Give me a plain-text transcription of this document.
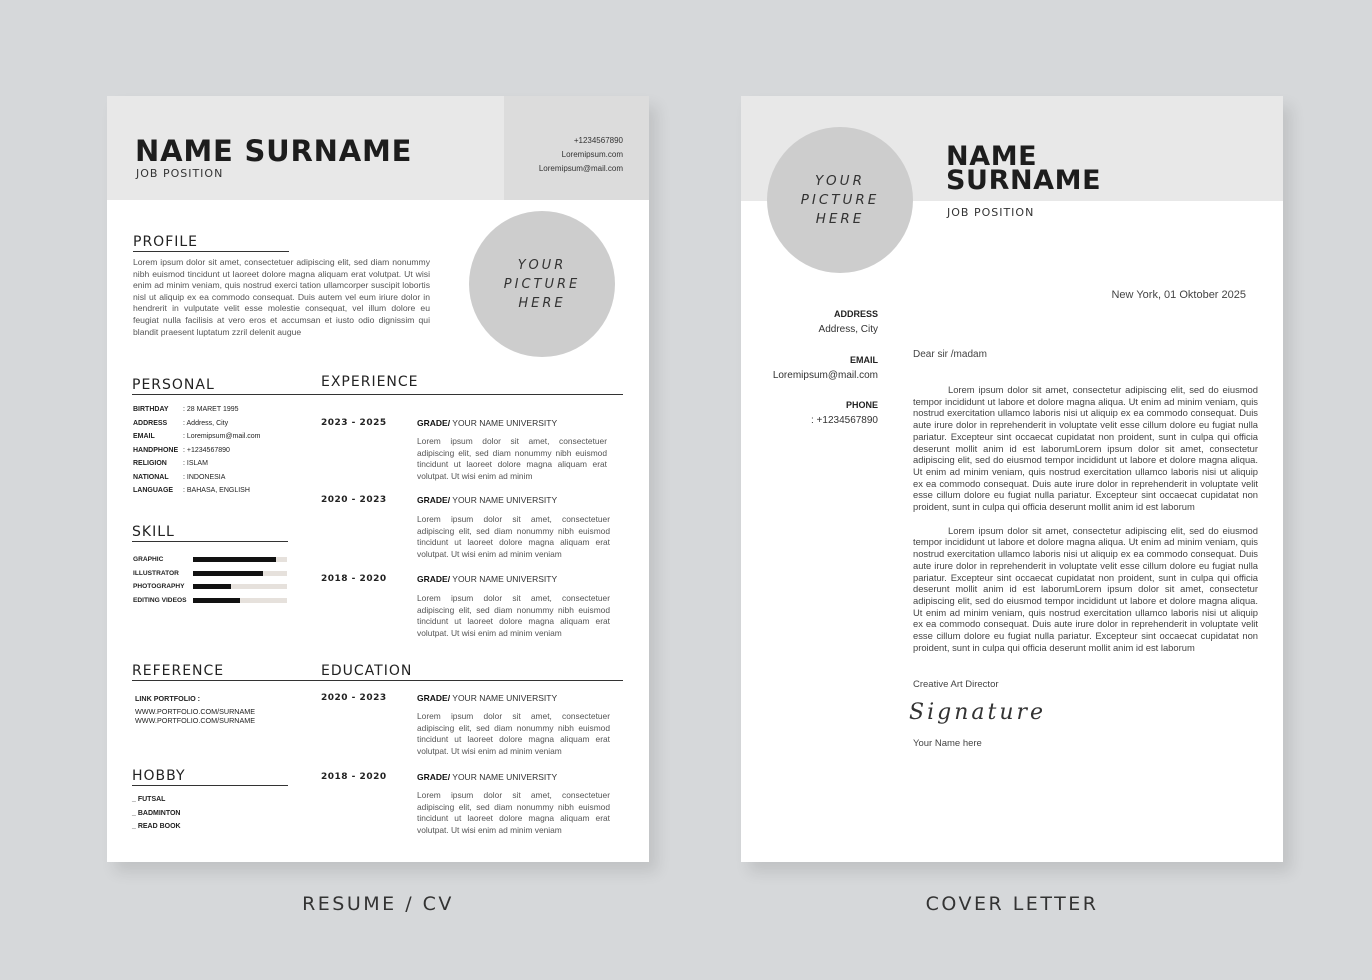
NAME SURNAME
JOB POSITION
+1234567890
Loremipsum.com
Loremipsum@mail.com
YOUR
PICTURE
HERE
PROFILE
Lorem ipsum dolor sit amet, consectetuer adipiscing elit, sed diam nonummy nibh euismod tincidunt ut laoreet dolore magna aliquam erat volutpat. Ut wisi enim ad minim veniam, quis nostrud exerci tation ullamcorper suscipit lobortis nisl ut aliquip ex ea commodo consequat. Duis autem vel eum iriure dolor in hendrerit in vulputate velit esse molestie consequat, vel illum dolore eu feugiat nulla facilisis at vero eros et accumsan et iusto odio dignissim qui blandit praesent luptatum zzril delenit augue
PERSONAL	EXPERIENCE
BIRTHDAY	: 28 MARET 1995
ADDRESS	: Address, City
EMAIL	: Loremipsum@mail.com
HANDPHONE : +1234567890
RELIGION	: ISLAM
NATIONAL	: INDONESIA
LANGUAGE	: BAHASA, ENGLISH
SKILL
GRAPHIC
ILLUSTRATOR
PHOTOGRAPHY
EDITING VIDEOS
2023 - 2025	GRADE/ YOUR NAME UNIVERSITY
Lorem ipsum dolor sit amet, consectetuer adipiscing elit, sed diam nonummy nibh euismod tincidunt ut laoreet dolore magna aliquam erat volutpat. Ut wisi enim ad minim
2020 - 2023	GRADE/ YOUR NAME UNIVERSITY
Lorem ipsum dolor sit amet, consectetuer adipiscing elit, sed diam nonummy nibh euismod tincidunt ut laoreet dolore magna aliquam erat volutpat. Ut wisi enim ad minim veniam
2018 - 2020	GRADE/ YOUR NAME UNIVERSITY
Lorem ipsum dolor sit amet, consectetuer adipiscing elit, sed diam nonummy nibh euismod tincidunt ut laoreet dolore magna aliquam erat volutpat. Ut wisi enim ad minim veniam
REFERENCE	EDUCATION
LINK PORTFOLIO :
WWW.PORTFOLIO.COM/SURNAME
WWW.PORTFOLIO.COM/SURNAME
2020 - 2023	GRADE/ YOUR NAME UNIVERSITY
Lorem ipsum dolor sit amet, consectetuer adipiscing elit, sed diam nonummy nibh euismod tincidunt ut laoreet dolore magna aliquam erat volutpat. Ut wisi enim ad minim veniam
2018 - 2020	GRADE/ YOUR NAME UNIVERSITY
Lorem ipsum dolor sit amet, consectetuer adipiscing elit, sed diam nonummy nibh euismod tincidunt ut laoreet dolore magna aliquam erat volutpat. Ut wisi enim ad minim veniam
HOBBY
_ FUTSAL
_ BADMINTON
_ READ BOOK
YOUR
PICTURE
HERE
NAME
SURNAME
JOB POSITION
New York, 01 Oktober 2025
ADDRESS
Address, City
EMAIL
Loremipsum@mail.com
PHONE
: +1234567890
Dear sir /madam

Lorem ipsum dolor sit amet, consectetur adipiscing elit, sed do eiusmod tempor incididunt ut labore et dolore magna aliqua. Ut enim ad minim veniam, quis nostrud exercitation ullamco laboris nisi ut aliquip ex ea commodo consequat. Duis aute irure dolor in reprehenderit in voluptate velit esse cillum dolore eu fugiat nulla pariatur. Excepteur sint occaecat cupidatat non proident, sunt in culpa qui officia deserunt mollit anim id est laborumLorem ipsum dolor sit amet, consectetur adipiscing elit, sed do eiusmod tempor incididunt ut labore et dolore magna aliqua. Ut enim ad minim veniam, quis nostrud exercitation ullamco laboris nisi ut aliquip ex ea commodo consequat. Duis aute irure dolor in reprehenderit in voluptate velit esse cillum dolore eu fugiat nulla pariatur. Excepteur sint occaecat cupidatat non proident, sunt in culpa qui officia deserunt mollit anim id est laborum

Lorem ipsum dolor sit amet, consectetur adipiscing elit, sed do eiusmod tempor incididunt ut labore et dolore magna aliqua. Ut enim ad minim veniam, quis nostrud exercitation ullamco laboris nisi ut aliquip ex ea commodo consequat. Duis aute irure dolor in reprehenderit in voluptate velit esse cillum dolore eu fugiat nulla pariatur. Excepteur sint occaecat cupidatat non proident, sunt in culpa qui officia deserunt mollit anim id est laborumLorem ipsum dolor sit amet, consectetur adipiscing elit, sed do eiusmod tempor incididunt ut labore et dolore magna aliqua. Ut enim ad minim veniam, quis nostrud exercitation ullamco laboris nisi ut aliquip ex ea commodo consequat. Duis aute irure dolor in reprehenderit in voluptate velit esse cillum dolore eu fugiat nulla pariatur. Excepteur sint occaecat cupidatat non proident, sunt in culpa qui officia deserunt mollit anim id est laborum

Creative Art Director
Signature
Your Name here
RESUME / CV	COVER LETTER
